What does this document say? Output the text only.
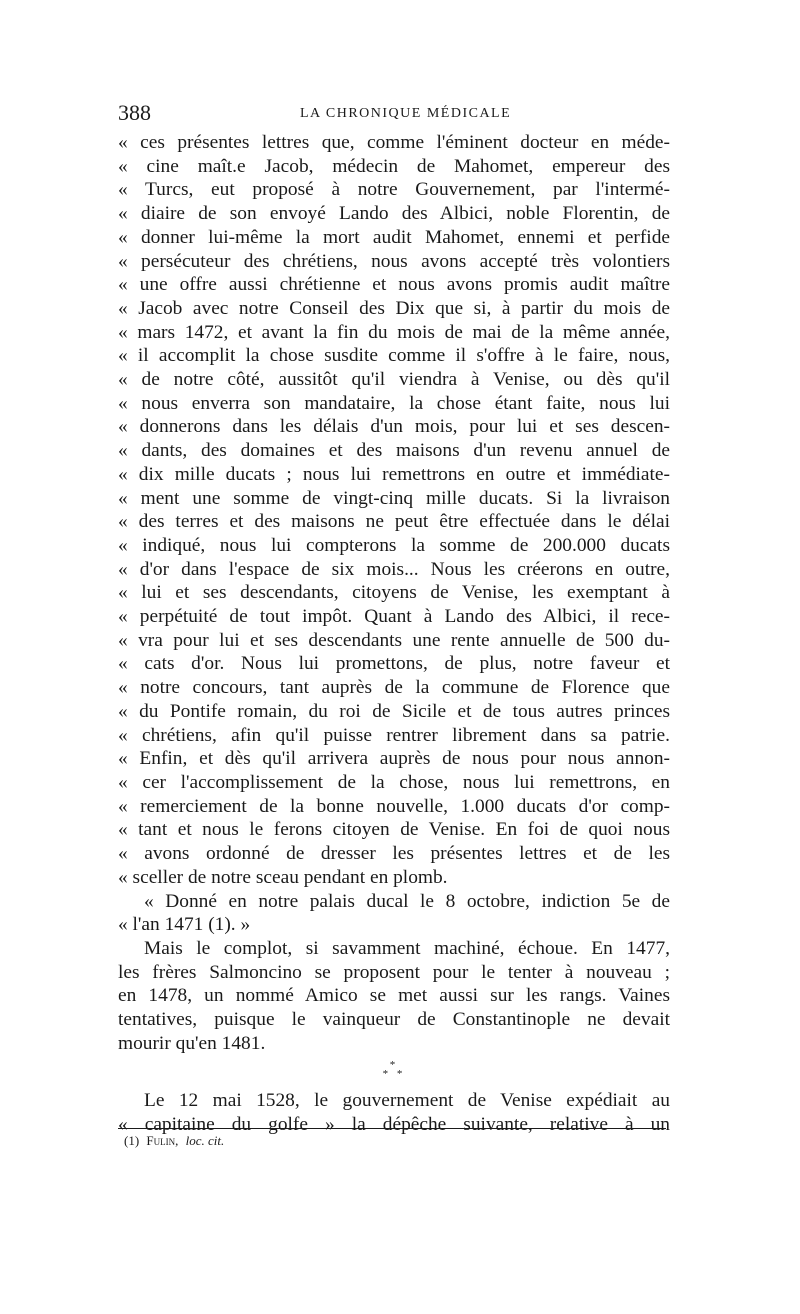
388	LA CHRONIQUE MÉDICALE
« ces présentes lettres que, comme l'éminent docteur en méde-
« cine maît.e Jacob, médecin de Mahomet, empereur des
« Turcs, eut proposé à notre Gouvernement, par l'intermé-
« diaire de son envoyé Lando des Albici, noble Florentin, de
« donner lui-même la mort audit Mahomet, ennemi et perfide
« persécuteur des chrétiens, nous avons accepté très volontiers
« une offre aussi chrétienne et nous avons promis audit maître
« Jacob avec notre Conseil des Dix que si, à partir du mois de
« mars 1472, et avant la fin du mois de mai de la même année,
« il accomplit la chose susdite comme il s'offre à le faire, nous,
« de notre côté, aussitôt qu'il viendra à Venise, ou dès qu'il
« nous enverra son mandataire, la chose étant faite, nous lui
« donnerons dans les délais d'un mois, pour lui et ses descen-
« dants, des domaines et des maisons d'un revenu annuel de
« dix mille ducats ; nous lui remettrons en outre et immédiate-
« ment une somme de vingt-cinq mille ducats. Si la livraison
« des terres et des maisons ne peut être effectuée dans le délai
« indiqué, nous lui compterons la somme de 200.000 ducats
« d'or dans l'espace de six mois... Nous les créerons en outre,
« lui et ses descendants, citoyens de Venise, les exemptant à
« perpétuité de tout impôt. Quant à Lando des Albici, il rece-
« vra pour lui et ses descendants une rente annuelle de 500 du-
« cats d'or. Nous lui promettons, de plus, notre faveur et
« notre concours, tant auprès de la commune de Florence que
« du Pontife romain, du roi de Sicile et de tous autres princes
« chrétiens, afin qu'il puisse rentrer librement dans sa patrie.
« Enfin, et dès qu'il arrivera auprès de nous pour nous annon-
« cer l'accomplissement de la chose, nous lui remettrons, en
« remerciement de la bonne nouvelle, 1.000 ducats d'or comp-
« tant et nous le ferons citoyen de Venise. En foi de quoi nous
« avons ordonné de dresser les présentes lettres et de les
« sceller de notre sceau pendant en plomb.
« Donné en notre palais ducal le 8 octobre, indiction 5e de
« l'an 1471 (1). »
Mais le complot, si savamment machiné, échoue. En 1477,
les frères Salmoncino se proposent pour le tenter à nouveau ;
en 1478, un nommé Amico se met aussi sur les rangs. Vaines
tentatives, puisque le vainqueur de Constantinople ne devait
mourir qu'en 1481.
*
* *
Le 12 mai 1528, le gouvernement de Venise expédiait au
« capitaine du golfe » la dépêche suivante, relative à un
(1) Fulin, loc. cit.
